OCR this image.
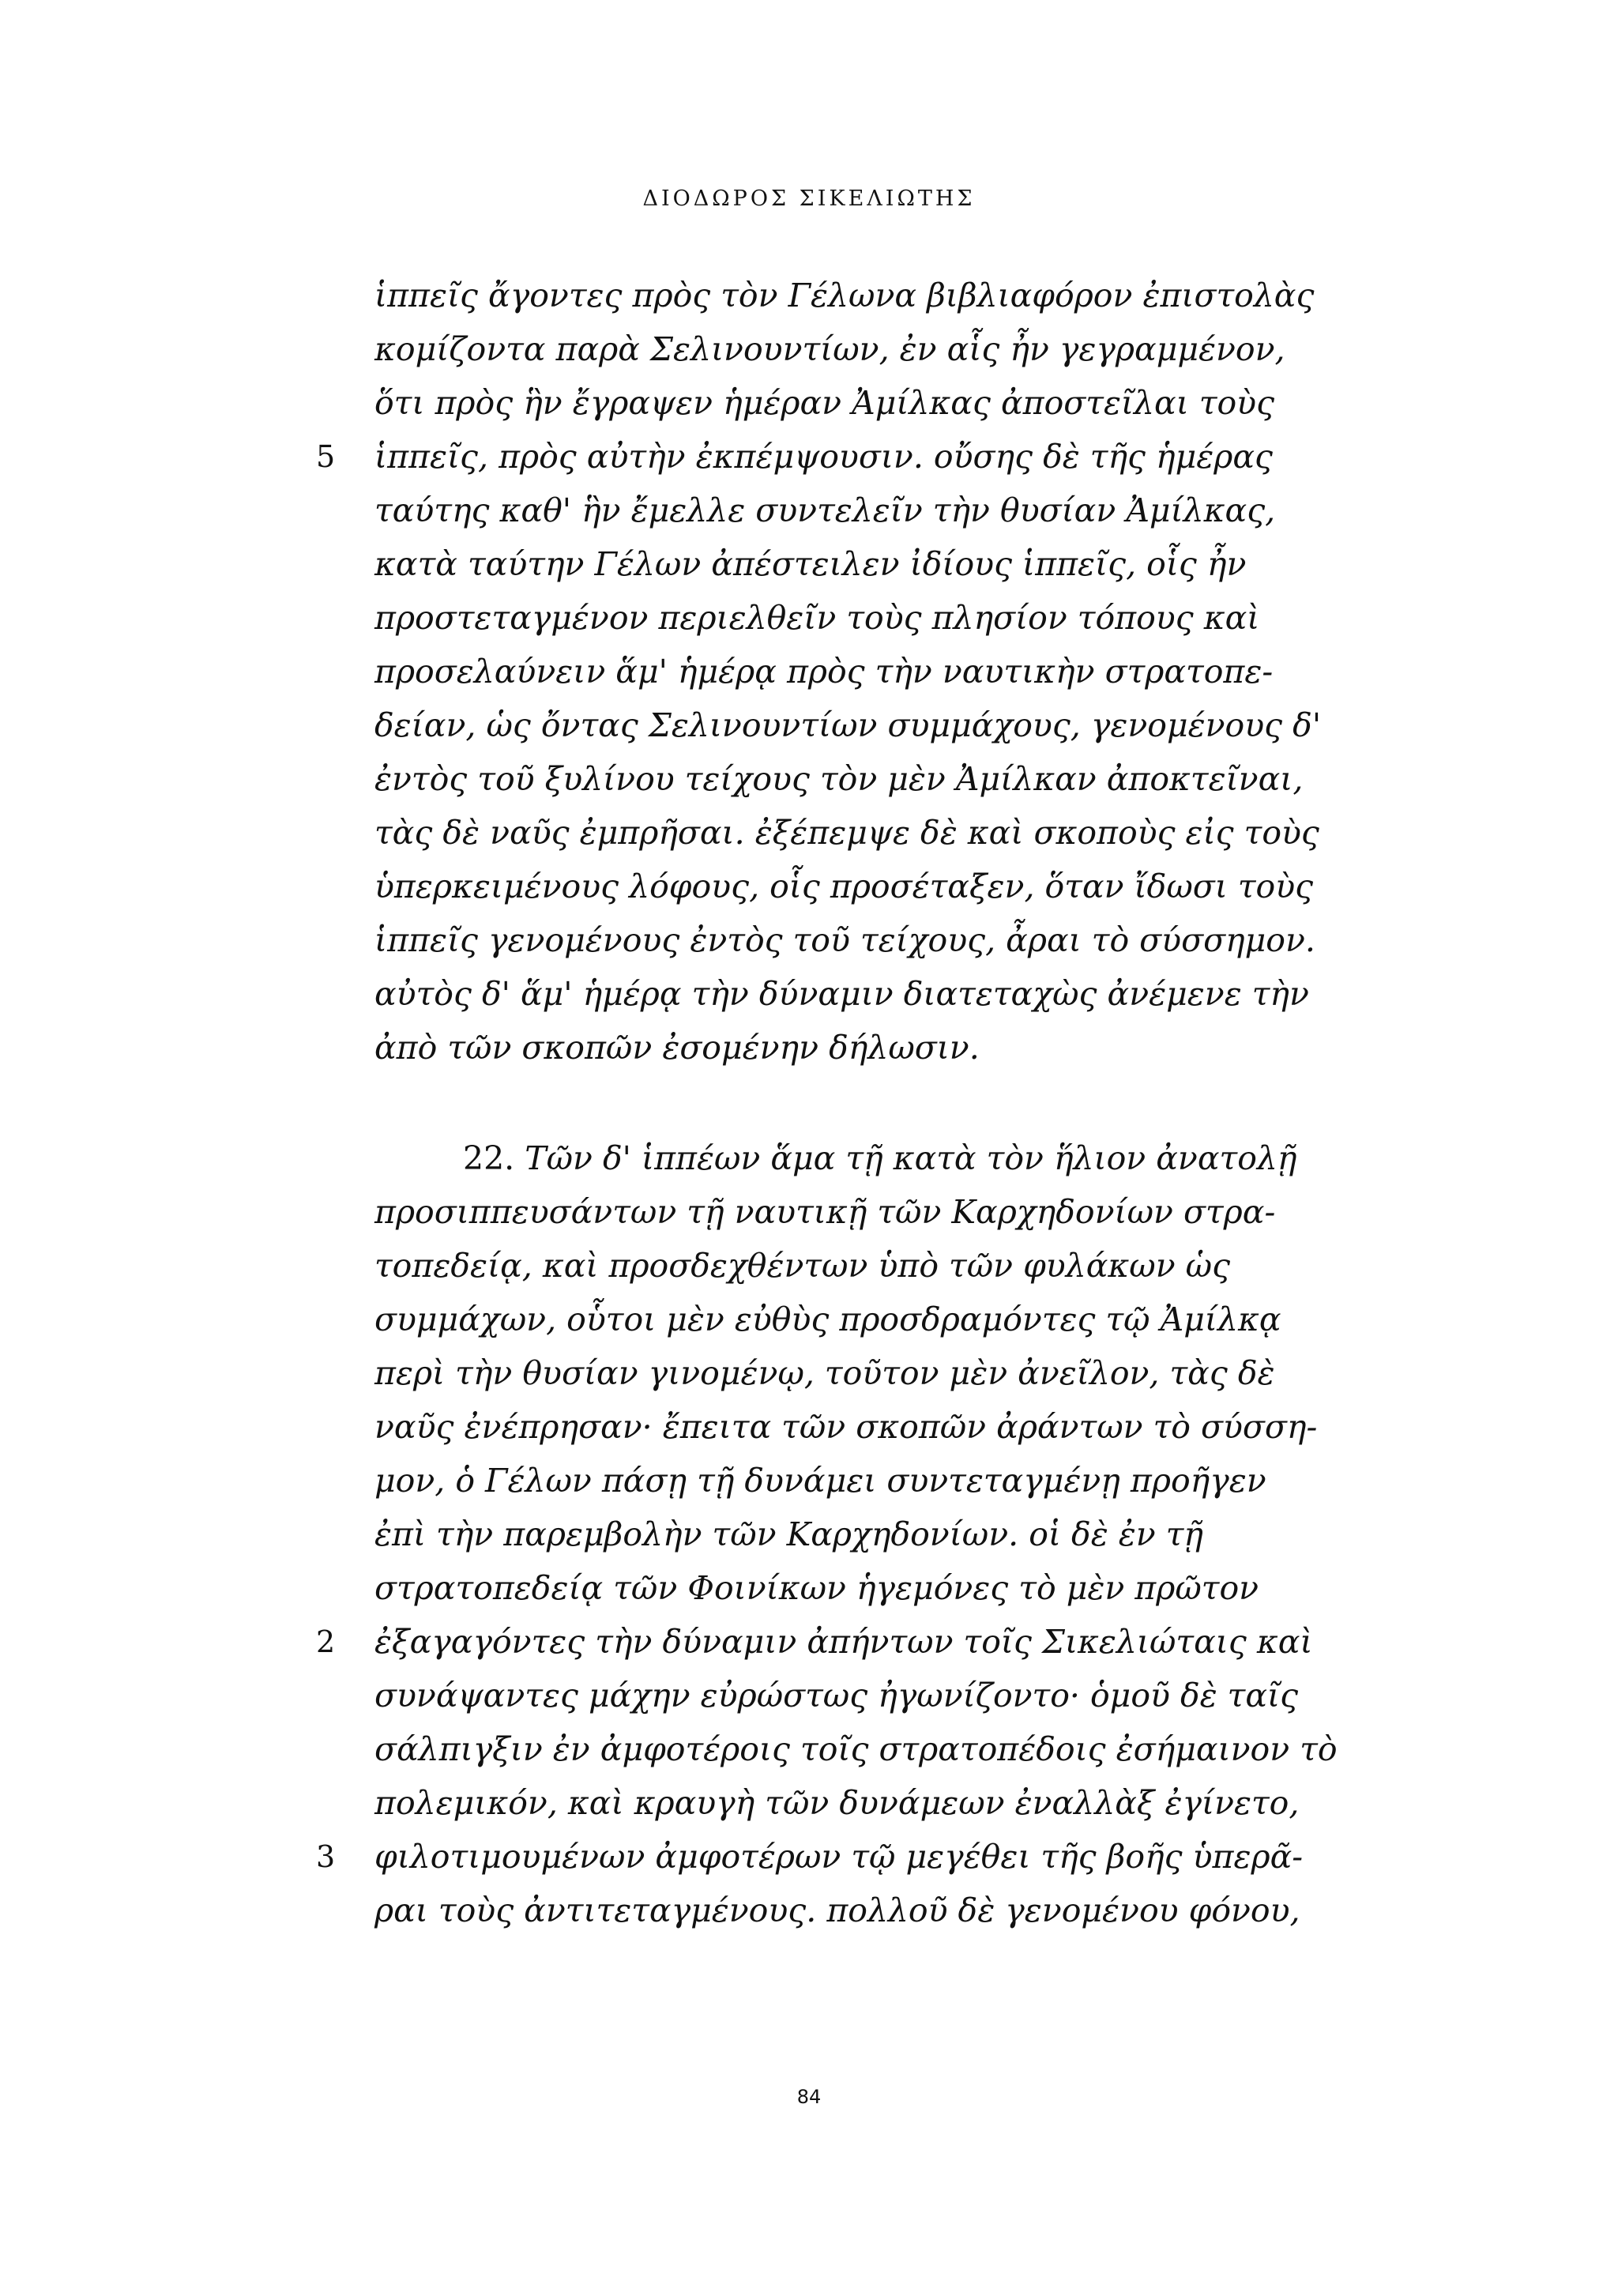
ΔΙΟΔΩΡΟΣ ΣΙΚΕΛΙΩΤΗΣ
ἱππεῖς ἄγοντες πρὸς τὸν Γέλωνα βιβλιαφόρον ἐπιστολὰς
κομίζοντα παρὰ Σελινουντίων, ἐν αἷς ἦν γεγραμμένον,
ὅτι πρὸς ἣν ἔγραψεν ἡμέραν Ἀμίλκας ἀποστεῖλαι τοὺς
ἱππεῖς, πρὸς αὐτὴν ἐκπέμψουσιν. οὔσης δὲ τῆς ἡμέρας
ταύτης καθ' ἣν ἔμελλε συντελεῖν τὴν θυσίαν Ἀμίλκας,
κατὰ ταύτην Γέλων ἀπέστειλεν ἰδίους ἱππεῖς, οἷς ἦν
προστεταγμένον περιελθεῖν τοὺς πλησίον τόπους καὶ
προσελαύνειν ἅμ' ἡμέρᾳ πρὸς τὴν ναυτικὴν στρατοπε-
δείαν, ὡς ὄντας Σελινουντίων συμμάχους, γενομένους δ'
ἐντὸς τοῦ ξυλίνου τείχους τὸν μὲν Ἀμίλκαν ἀποκτεῖναι,
τὰς δὲ ναῦς ἐμπρῆσαι. ἐξέπεμψε δὲ καὶ σκοποὺς εἰς τοὺς
ὑπερκειμένους λόφους, οἷς προσέταξεν, ὅταν ἴδωσι τοὺς
ἱππεῖς γενομένους ἐντὸς τοῦ τείχους, ἆραι τὸ σύσσημον.
αὐτὸς δ' ἅμ' ἡμέρᾳ τὴν δύναμιν διατεταχὼς ἀνέμενε τὴν
ἀπὸ τῶν σκοπῶν ἐσομένην δήλωσιν.
22. Τῶν δ' ἱππέων ἅμα τῇ κατὰ τὸν ἥλιον ἀνατολῇ
προσιππευσάντων τῇ ναυτικῇ τῶν Καρχηδονίων στρα-
τοπεδείᾳ, καὶ προσδεχθέντων ὑπὸ τῶν φυλάκων ὡς
συμμάχων, οὗτοι μὲν εὐθὺς προσδραμόντες τῷ Ἀμίλκᾳ
περὶ τὴν θυσίαν γινομένῳ, τοῦτον μὲν ἀνεῖλον, τὰς δὲ
ναῦς ἐνέπρησαν· ἔπειτα τῶν σκοπῶν ἀράντων τὸ σύσση-
μον, ὁ Γέλων πάσῃ τῇ δυνάμει συντεταγμένῃ προῆγεν
ἐπὶ τὴν παρεμβολὴν τῶν Καρχηδονίων. οἱ δὲ ἐν τῇ
στρατοπεδείᾳ τῶν Φοινίκων ἡγεμόνες τὸ μὲν πρῶτον
ἐξαγαγόντες τὴν δύναμιν ἀπήντων τοῖς Σικελιώταις καὶ
συνάψαντες μάχην εὐρώστως ἠγωνίζοντο· ὁμοῦ δὲ ταῖς
σάλπιγξιν ἐν ἀμφοτέροις τοῖς στρατοπέδοις ἐσήμαινον τὸ
πολεμικόν, καὶ κραυγὴ τῶν δυνάμεων ἐναλλὰξ ἐγίνετο,
φιλοτιμουμένων ἀμφοτέρων τῷ μεγέθει τῆς βοῆς ὑπερᾶ-
ραι τοὺς ἀντιτεταγμένους. πολλοῦ δὲ γενομένου φόνου,
5
2
3
84
